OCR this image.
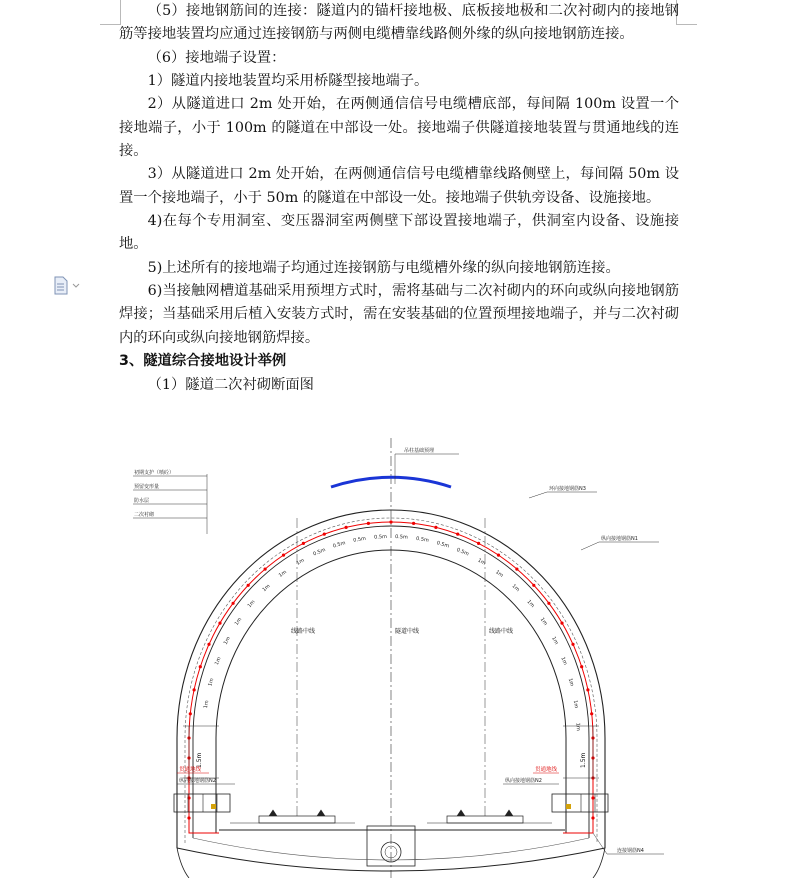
（5）接地钢筋间的连接：隧道内的锚杆接地极、底板接地极和二次衬砌内的接地钢筋等接地装置均应通过连接钢筋与两侧电缆槽靠线路侧外缘的纵向接地钢筋连接。

（6）接地端子设置：

1）隧道内接地装置均采用桥隧型接地端子。

2）从隧道进口 2m 处开始，在两侧通信信号电缆槽底部，每间隔 100m 设置一个接地端子，小于 100m 的隧道在中部设一处。接地端子供隧道接地装置与贯通地线的连接。

3）从隧道进口 2m 处开始，在两侧通信信号电缆槽靠线路侧壁上，每间隔 50m 设置一个接地端子，小于 50m 的隧道在中部设一处。接地端子供轨旁设备、设施接地。

4)在每个专用洞室、变压器洞室两侧壁下部设置接地端子，供洞室内设备、设施接地。

5)上述所有的接地端子均通过连接钢筋与电缆槽外缘的纵向接地钢筋连接。

6)当接触网槽道基础采用预埋方式时，需将基础与二次衬砌内的环向或纵向接地钢筋焊接；当基础采用后植入安装方式时，需在安装基础的位置预埋接地端子，并与二次衬砌内的环向或纵向接地钢筋焊接。

3、隧道综合接地设计举例

（1）隧道二次衬砌断面图

1m
1m
1m
1m
1m
1m
1m
1m
1m
0.5m
0.5m
0.5m 0.5m 0.5m 0.5m
0.5m
0.5m
1m
1m
1m
1m
1m
1m
1m
1m
1m
1m
线路中线	隧道中线	线路中线
吊柱基础预埋
初期支护（喷砼）
预留变形量
防水层
二次衬砌
环向接地钢筋N3
纵向接地钢筋N1
1.5m	1.5m
贯通地线
纵向接地钢筋N2
贯通地线
纵向接地钢筋N2
连接钢筋N4
